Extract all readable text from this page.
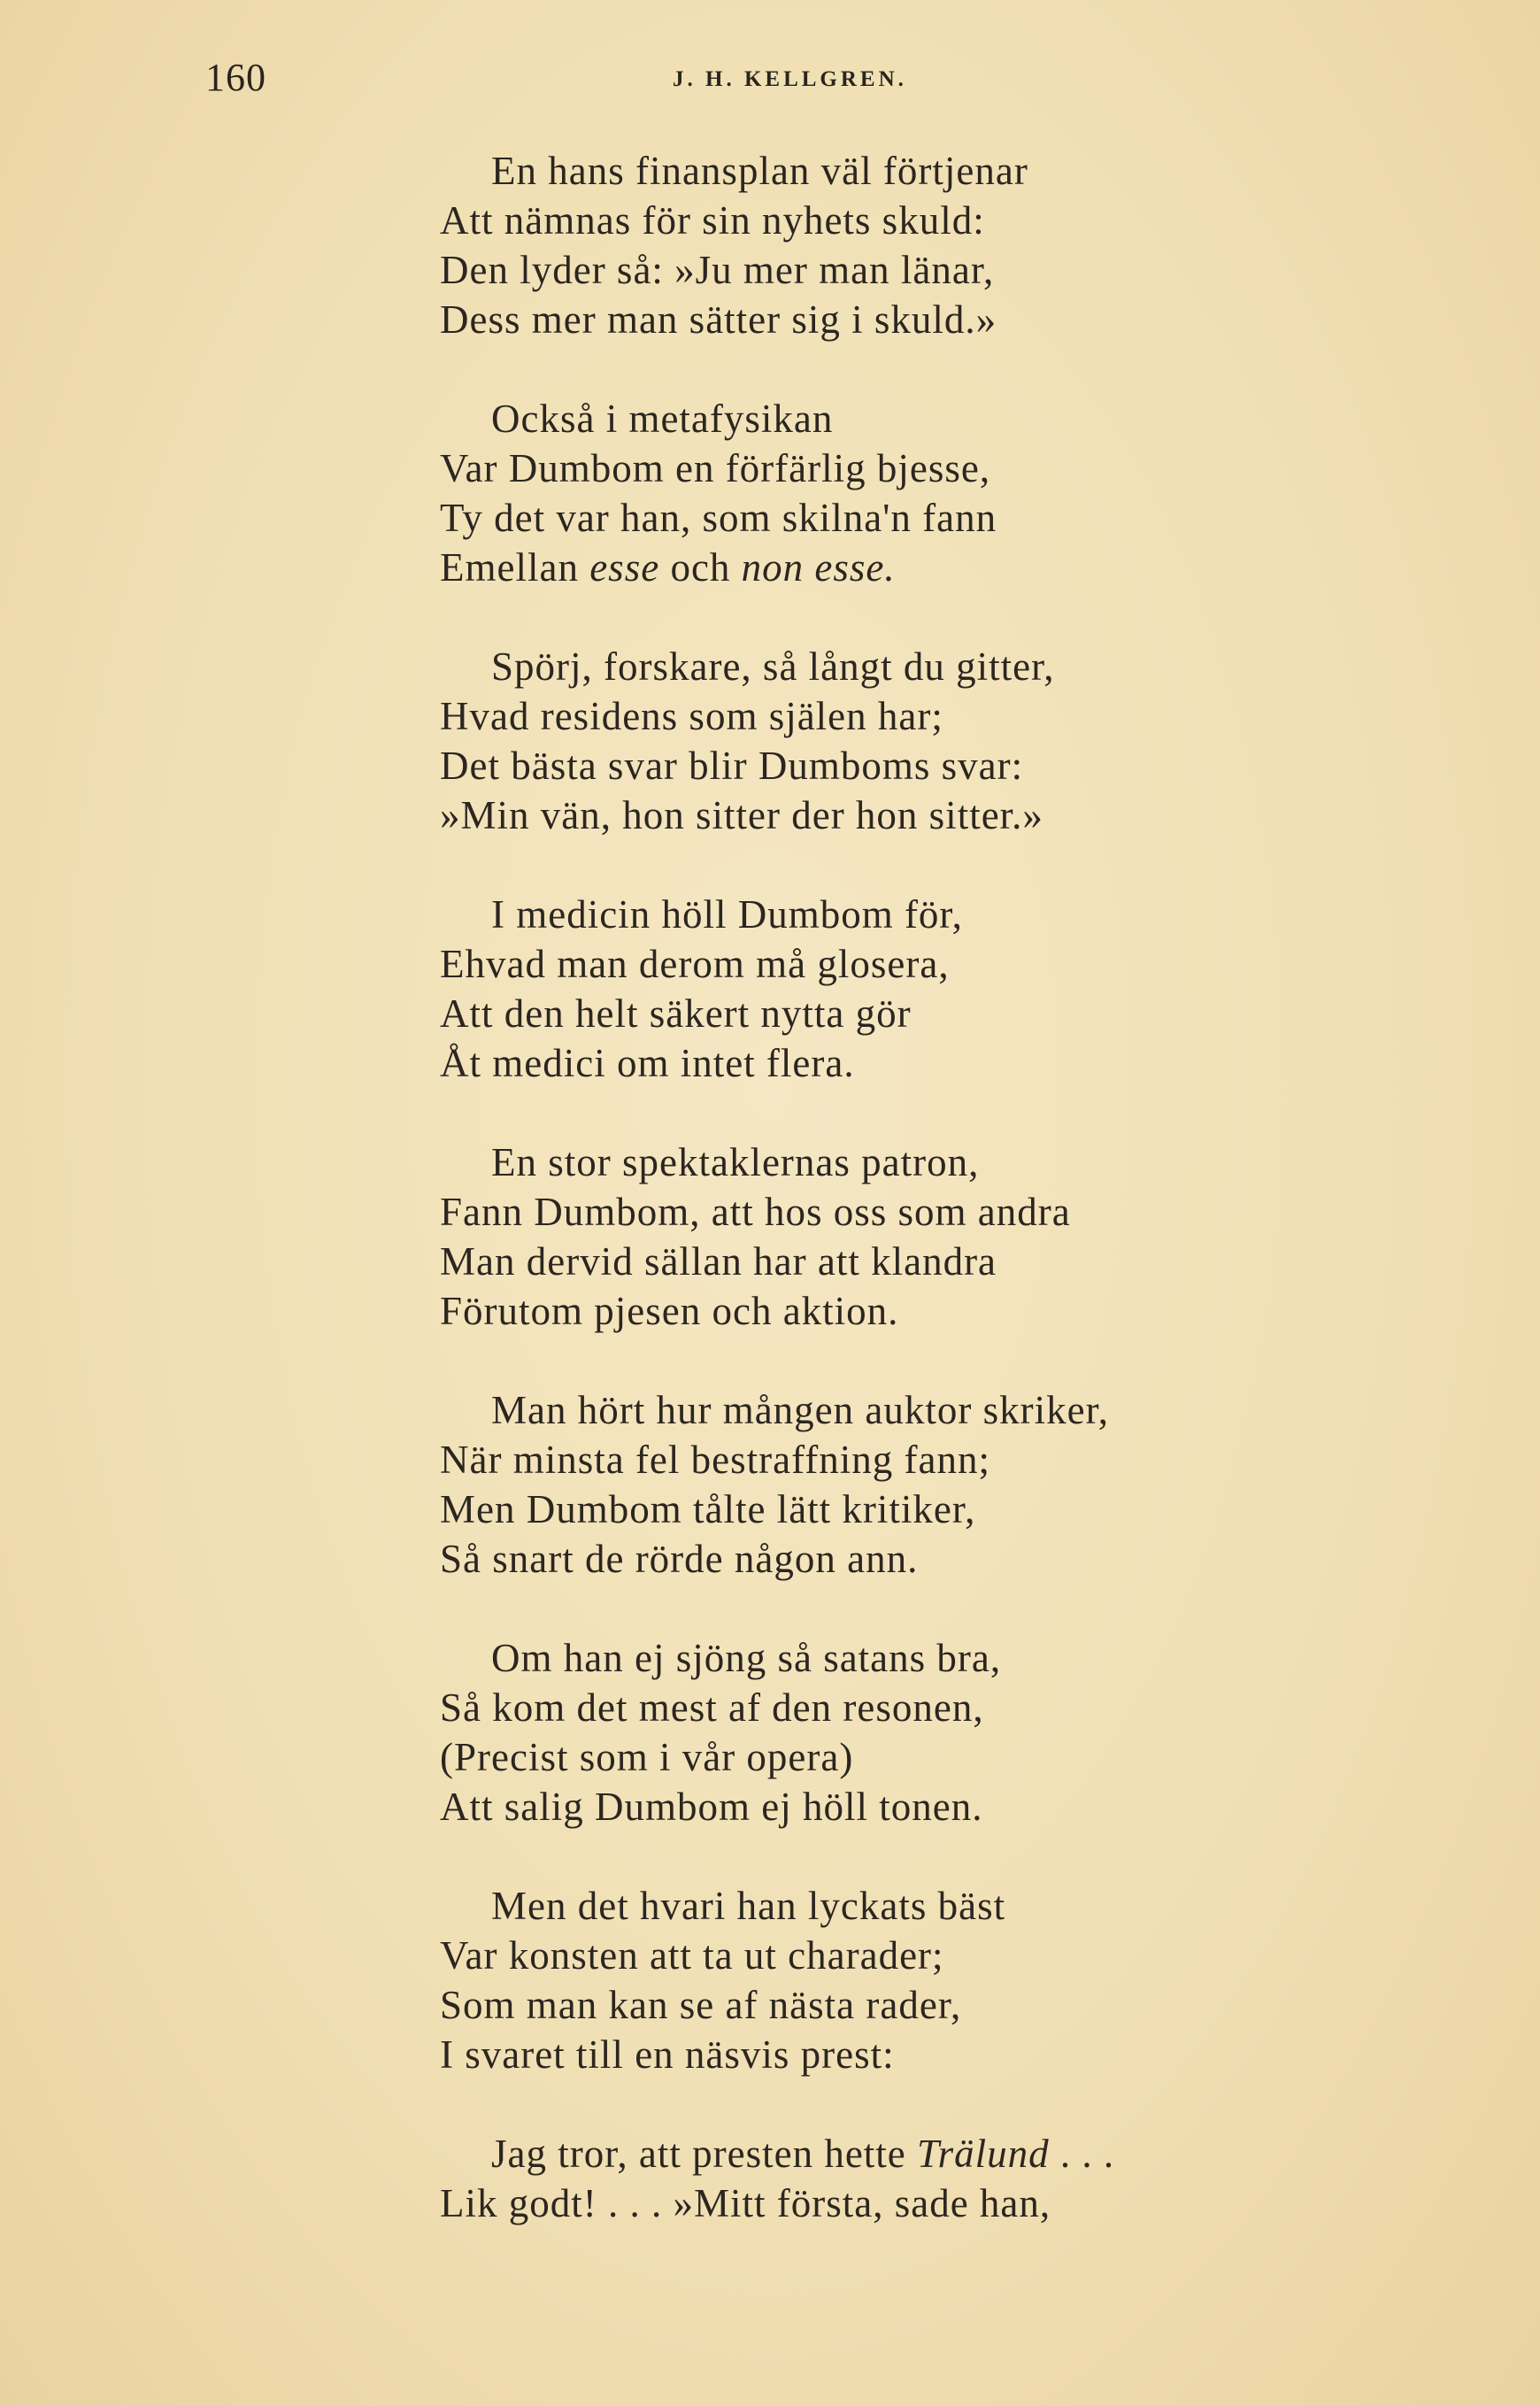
160	J. H. KELLGREN.
En hans finansplan väl förtjenar
Att nämnas för sin nyhets skuld:
Den lyder så: »Ju mer man länar,
Dess mer man sätter sig i skuld.»
Också i metafysikan
Var Dumbom en förfärlig bjesse,
Ty det var han, som skilna'n fann
Emellan esse och non esse.
Spörj, forskare, så långt du gitter,
Hvad residens som själen har;
Det bästa svar blir Dumboms svar:
»Min vän, hon sitter der hon sitter.»
I medicin höll Dumbom för,
Ehvad man derom må glosera,
Att den helt säkert nytta gör
Åt medici om intet flera.
En stor spektaklernas patron,
Fann Dumbom, att hos oss som andra
Man dervid sällan har att klandra
Förutom pjesen och aktion.
Man hört hur mången auktor skriker,
När minsta fel bestraffning fann;
Men Dumbom tålte lätt kritiker,
Så snart de rörde någon ann.
Om han ej sjöng så satans bra,
Så kom det mest af den resonen,
(Precist som i vår opera)
Att salig Dumbom ej höll tonen.
Men det hvari han lyckats bäst
Var konsten att ta ut charader;
Som man kan se af nästa rader,
I svaret till en näsvis prest:
Jag tror, att presten hette Trälund . . .
Lik godt! . . . »Mitt första, sade han,
